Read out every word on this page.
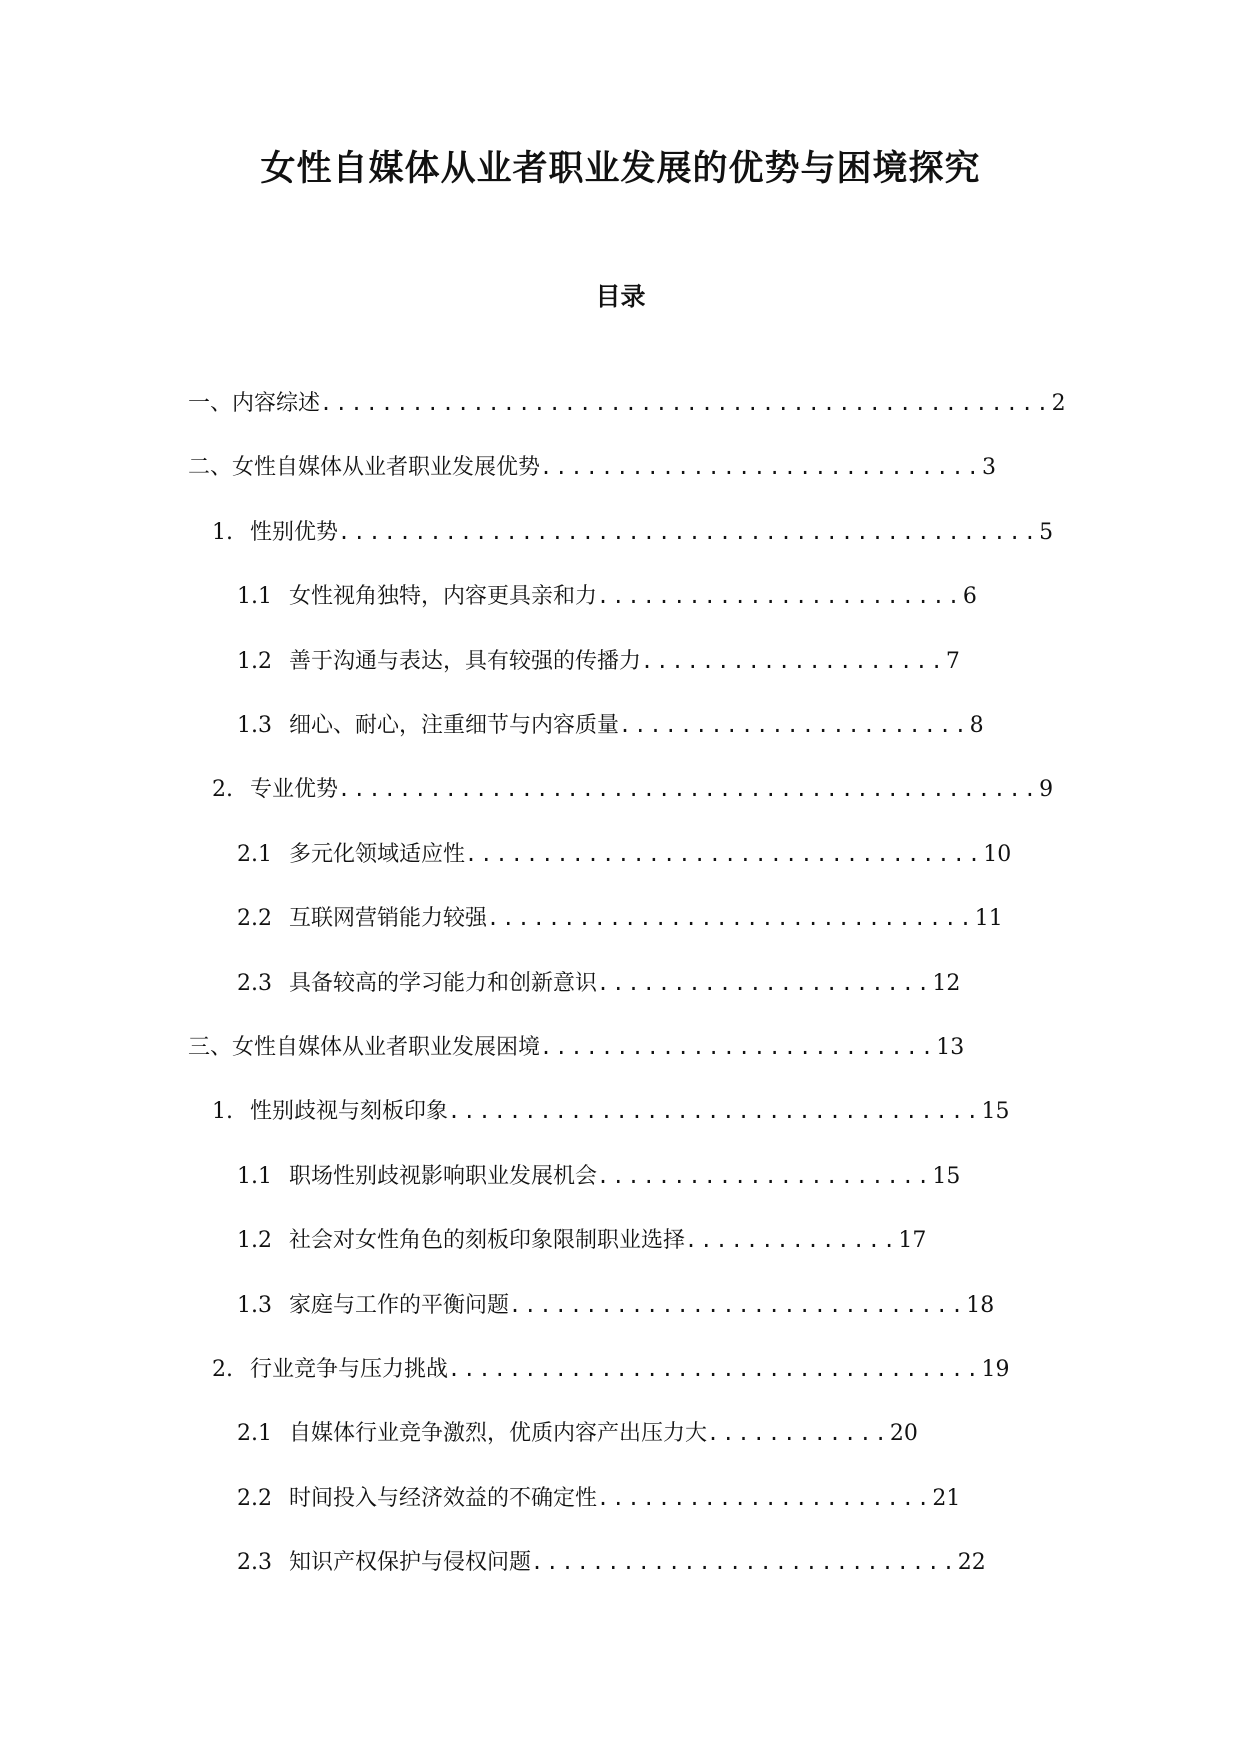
女性自媒体从业者职业发展的优势与困境探究
目录
一、内容综述................................................2
二、女性自媒体从业者职业发展优势.............................3
1. 性别优势..............................................5
1.1 女性视角独特，内容更具亲和力........................6
1.2 善于沟通与表达，具有较强的传播力....................7
1.3 细心、耐心，注重细节与内容质量.......................8
2. 专业优势..............................................9
2.1 多元化领域适应性..................................10
2.2 互联网营销能力较强................................11
2.3 具备较高的学习能力和创新意识......................12
三、女性自媒体从业者职业发展困境..........................13
1. 性别歧视与刻板印象...................................15
1.1 职场性别歧视影响职业发展机会......................15
1.2 社会对女性角色的刻板印象限制职业选择..............17
1.3 家庭与工作的平衡问题..............................18
2. 行业竞争与压力挑战...................................19
2.1 自媒体行业竞争激烈，优质内容产出压力大............20
2.2 时间投入与经济效益的不确定性......................21
2.3 知识产权保护与侵权问题............................22
